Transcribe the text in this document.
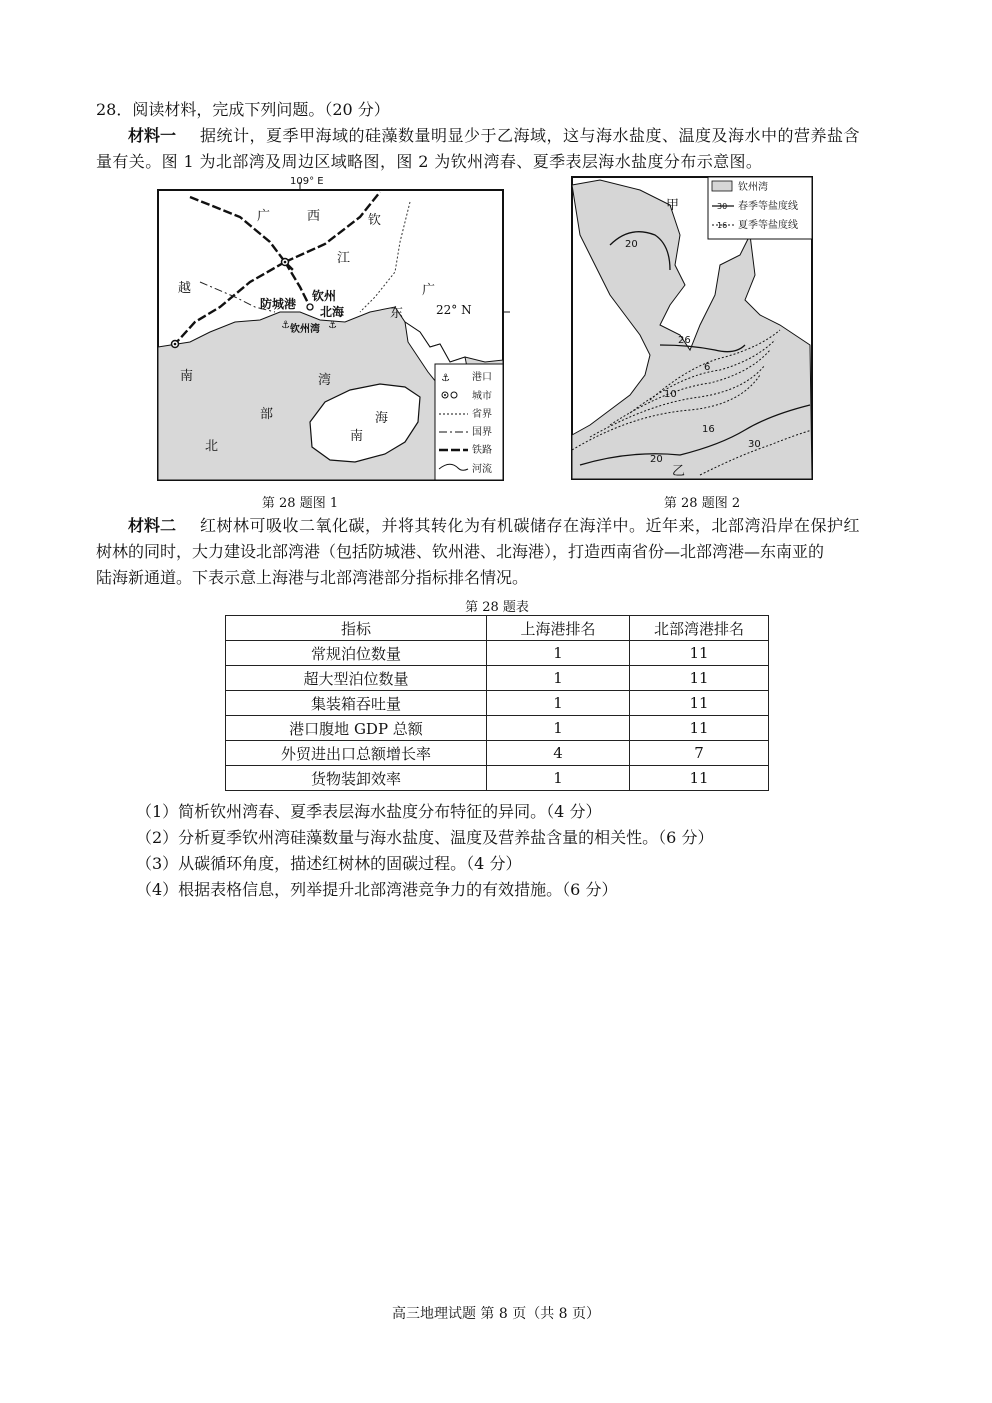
28．阅读材料，完成下列问题。（20 分）
材料一 据统计，夏季甲海域的硅藻数量明显少于乙海域，这与海水盐度、温度及海水中的营养盐含
量有关。图 1 为北部湾及周边区域略图，图 2 为钦州湾春、夏季表层海水盐度分布示意图。
109° E
⚓	⚓
广	西	钦
江
广
东
越
南	湾
部
北
海
南
防城港
钦州
北海
钦州湾
⚓ 港口
城市
省界
国界
铁路
河流
22° N
第 28 题图 1
20
26
6
10
16
30
20
甲
乙
30
16
钦州湾
春季等盐度线
夏季等盐度线
第 28 题图 2
材料二 红树林可吸收二氧化碳，并将其转化为有机碳储存在海洋中。近年来，北部湾沿岸在保护红
树林的同时，大力建设北部湾港（包括防城港、钦州港、北海港），打造西南省份—北部湾港—东南亚的
陆海新通道。下表示意上海港与北部湾港部分指标排名情况。
第 28 题表
指标	上海港排名	北部湾港排名
常规泊位数量	1	11
超大型泊位数量	1	11
集装箱吞吐量	1	11
港口腹地 GDP 总额	1	11
外贸进出口总额增长率	4	7
货物装卸效率	1	11
（1）简析钦州湾春、夏季表层海水盐度分布特征的异同。（4 分）
（2）分析夏季钦州湾硅藻数量与海水盐度、温度及营养盐含量的相关性。（6 分）
（3）从碳循环角度，描述红树林的固碳过程。（4 分）
（4）根据表格信息，列举提升北部湾港竞争力的有效措施。（6 分）
高三地理试题 第 8 页（共 8 页）
